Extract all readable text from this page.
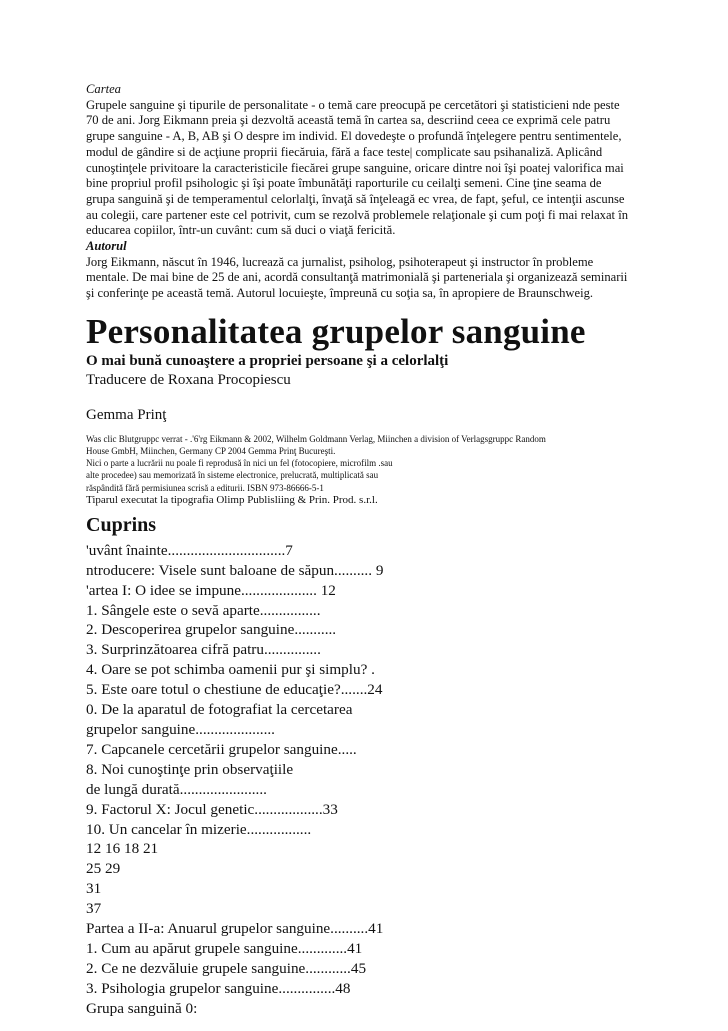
Cartea
Grupele sanguine şi tipurile de personalitate - o temă care preocupă pe cercetători şi statisticieni nde peste
70 de ani. Jorg Eikmann preia şi dezvoltă această temă în cartea sa, descriind ceea ce exprimă cele patru
grupe sanguine - A, B, AB şi O despre im individ. El dovedeşte o profundă înţelegere pentru sentimentele,
modul de gândire si de acţiune proprii fiecăruia, fără a face teste| complicate sau psihanaliză. Aplicând
cunoştinţele privitoare la caracteristicile fiecărei grupe sanguine, oricare dintre noi îşi poatej valorifica mai
bine propriul profil psihologic şi îşi poate îmbunătăţi raporturile cu ceilalţi semeni. Cine ţine seama de
grupa sanguină şi de temperamentul celorlalţi, învaţă să înţeleagă ec vrea, de fapt, şeful, ce intenţii ascunse
au colegii, care partener este cel potrivit, cum se rezolvă problemele relaţionale şi cum poţi fi mai relaxat în
educarea copiilor, într-un cuvânt: cum să duci o viaţă fericită.
Autorul
Jorg Eikmann, născut în 1946, lucrează ca jurnalist, psiholog, psihoterapeut şi instructor în probleme
mentale. De mai bine de 25 de ani, acordă consultanţă matrimonială şi parteneriala şi organizează seminarii
şi conferinţe pe această temă. Autorul locuieşte, împreună cu soţia sa, în apropiere de Braunschweig.
Personalitatea grupelor sanguine
O mai bună cunoaştere a propriei persoane şi a celorlalţi
Traducere de Roxana Procopiescu
Gemma Prinţ
Was clic Blutgruppc verrat - .'6'rg Eikmann & 2002, Wilhelm Goldmann Verlag, Miinchen a division of Verlagsgruppc Random
House GmbH, Miinchen, Germany CP 2004 Gemma Prinţ Bucureşti.
Nici o parte a lucrării nu poale fi reprodusă în nici un fel (fotocopiere, microfilm .sau
alte procedee) sau memorizată în sisteme electronice, prelucrată, multiplicată sau
răspândită fără permisiunea scrisă a editurii. ISBN 973-86666-5-1
Tiparul executat la tipografia Olimp Publisliing & Prin. Prod. s.r.l.
Cuprins
'uvânt înainte...............................7
ntroducere: Visele sunt baloane de săpun.......... 9
'artea I: O idee se impune.................... 12
1. Sângele este o sevă aparte................
2. Descoperirea grupelor sanguine...........
3. Surprinzătoarea cifră patru...............
4. Oare se pot schimba oamenii pur şi simplu? .
5. Este oare totul o chestiune de educaţie?.......24
0. De la aparatul de fotografiat la cercetarea
grupelor sanguine.....................
7. Capcanele cercetării grupelor sanguine.....
8. Noi cunoştinţe prin observaţiile
de lungă durată.......................
9. Factorul X: Jocul genetic..................33
10. Un cancelar în mizerie.................
12 16 18 21
25 29
31
37
Partea a II-a: Anuarul grupelor sanguine..........41
1. Cum au apărut grupele sanguine.............41
2. Ce ne dezvăluie grupele sanguine............45
3. Psihologia grupelor sanguine...............48
Grupa sanguină 0:
